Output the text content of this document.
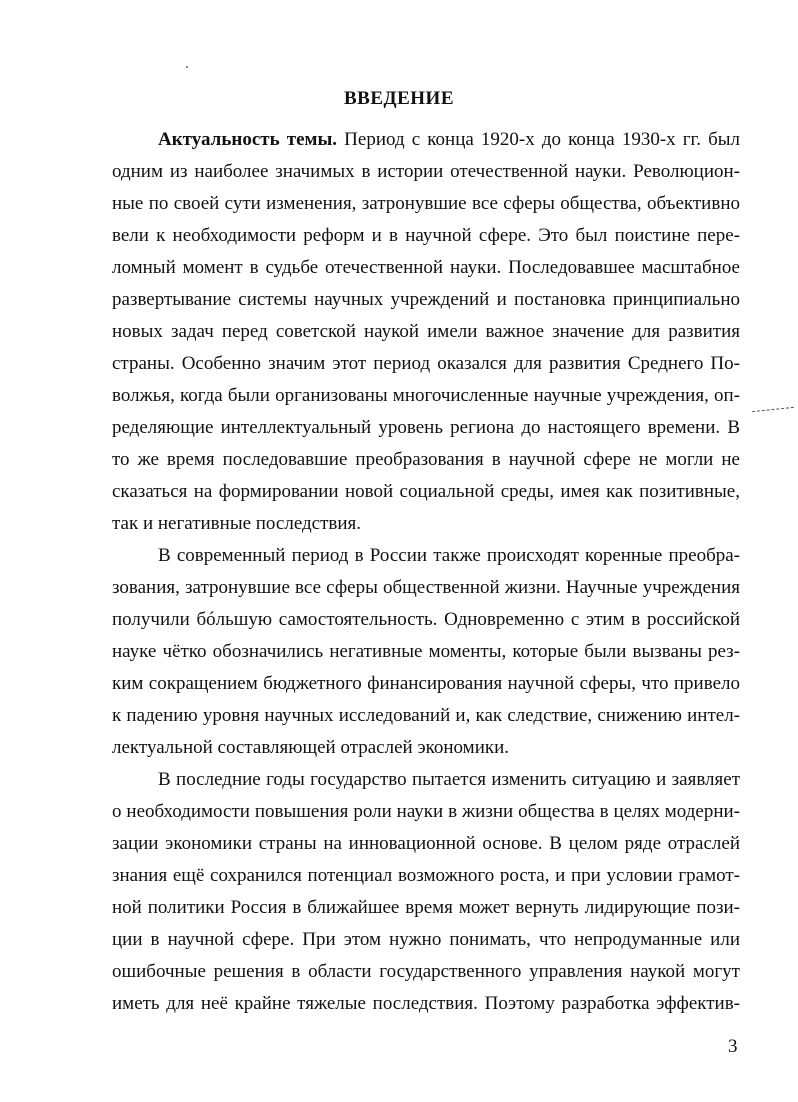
ВВЕДЕНИЕ
Актуальность темы. Период с конца 1920-х до конца 1930-х гг. был
одним из наиболее значимых в истории отечественной науки. Революцион-
ные по своей сути изменения, затронувшие все сферы общества, объективно
вели к необходимости реформ и в научной сфере. Это был поистине пере-
ломный момент в судьбе отечественной науки. Последовавшее масштабное
развертывание системы научных учреждений и постановка принципиально
новых задач перед советской наукой имели важное значение для развития
страны. Особенно значим этот период оказался для развития Среднего По-
волжья, когда были организованы многочисленные научные учреждения, оп-
ределяющие интеллектуальный уровень региона до настоящего времени. В
то же время последовавшие преобразования в научной сфере не могли не
сказаться на формировании новой социальной среды, имея как позитивные,
так и негативные последствия.
В современный период в России также происходят коренные преобра-
зования, затронувшие все сферы общественной жизни. Научные учреждения
получили бóльшую самостоятельность. Одновременно с этим в российской
науке чётко обозначились негативные моменты, которые были вызваны рез-
ким сокращением бюджетного финансирования научной сферы, что привело
к падению уровня научных исследований и, как следствие, снижению интел-
лектуальной составляющей отраслей экономики.
В последние годы государство пытается изменить ситуацию и заявляет
о необходимости повышения роли науки в жизни общества в целях модерни-
зации экономики страны на инновационной основе. В целом ряде отраслей
знания ещё сохранился потенциал возможного роста, и при условии грамот-
ной политики Россия в ближайшее время может вернуть лидирующие пози-
ции в научной сфере. При этом нужно понимать, что непродуманные или
ошибочные решения в области государственного управления наукой могут
иметь для неё крайне тяжелые последствия. Поэтому разработка эффектив-
3
